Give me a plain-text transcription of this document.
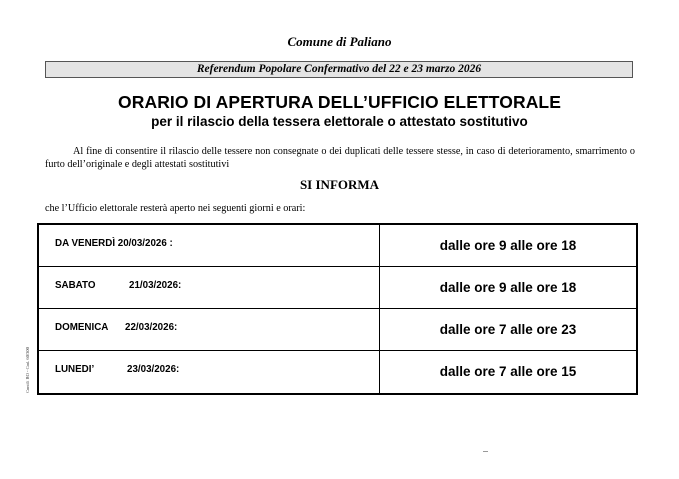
Comune di Paliano
Referendum Popolare Confermativo del 22 e 23 marzo 2026
ORARIO DI APERTURA DELL’UFFICIO ELETTORALE
per il rilascio della tessera elettorale o attestato sostitutivo
Al fine di consentire il rilascio delle tessere non consegnate o dei duplicati delle tessere stesse, in caso di deterioramento, smarrimento o furto dell’originale e degli attestati sostitutivi
SI INFORMA
che l’Ufficio elettorale resterà aperto nei seguenti giorni e orari:
DA VENERDÌ 20/03/2026 :	dalle ore 9 alle ore 18
SABATO	21/03/2026:	dalle ore 9 alle ore 18
DOMENICA 22/03/2026:	dalle ore 7 alle ore 23
LUNEDI’	23/03/2026:	dalle ore 7 alle ore 15
Contili RO - Cod. 60/300
